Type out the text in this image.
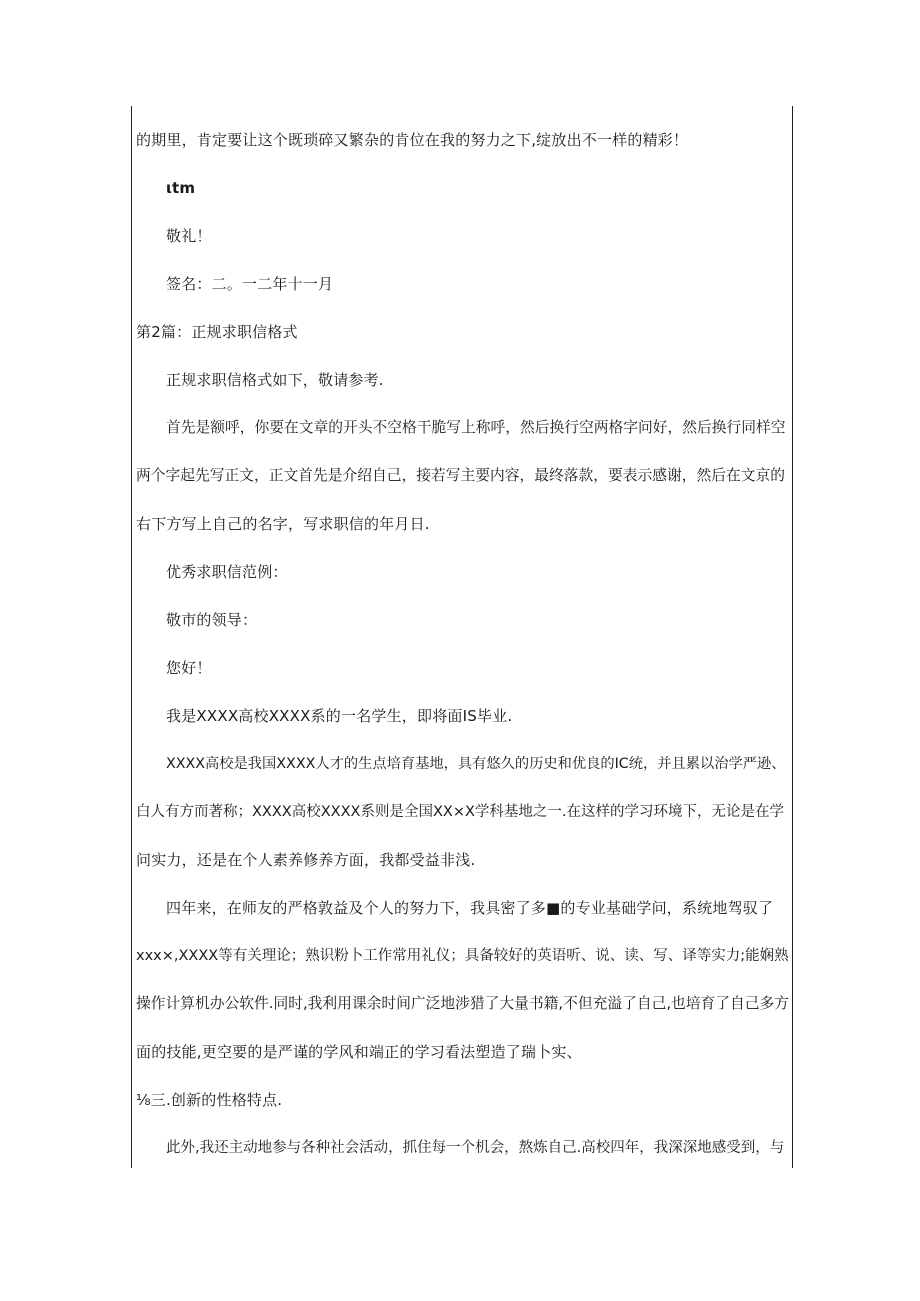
的期里，肯定要让这个既琐碎又繁杂的肯位在我的努力之下,绽放出不一样的精彩！
ιtm
敬礼！
签名：二。一二年十一月
第2篇：正规求职信格式
正规求职信格式如下，敬请参考.
首先是额呼，你要在文章的开头不空格干脆写上称呼，然后换行空两格字问好，然后换行同样空
两个字起先写正文，正文首先是介绍自己，接若写主要内容，最终落款，要表示感谢，然后在文京的
右下方写上自己的名字，写求职信的年月日.
优秀求职信范例：
敬市的领导：
您好！
我是XXXX高校XXXX系的一名学生，即将面IS毕业.
XXXX高校是我国XXXX人才的生点培育基地，具有悠久的历史和优良的IC统，并且累以治学严逊、
白人有方而著称；XXXX高校XXXX系则是全国XX×X学科基地之一.在这样的学习环境下，无论是在学
问实力，还是在个人素养修养方面，我都受益非浅.
四年来，在师友的严格敦益及个人的努力下，我具密了多■的专业基础学问，系统地驾驭了
xxx×,XXXX等有关理论；熟识粉卜工作常用礼仪；具备较好的英语听、说、读、写、译等实力;能娴熟
操作计算机办公软件.同时,我利用课余时间广泛地涉猎了大量书籍,不但充溢了自己,也培育了自己多方
面的技能,更空要的是严谨的学风和端正的学习看法塑造了瑞卜实、
⅛三.创新的性格特点.
此外,我还主动地参与各种社会活动，抓住每一个机会，熬炼自己.高校四年，我深深地感受到，与
